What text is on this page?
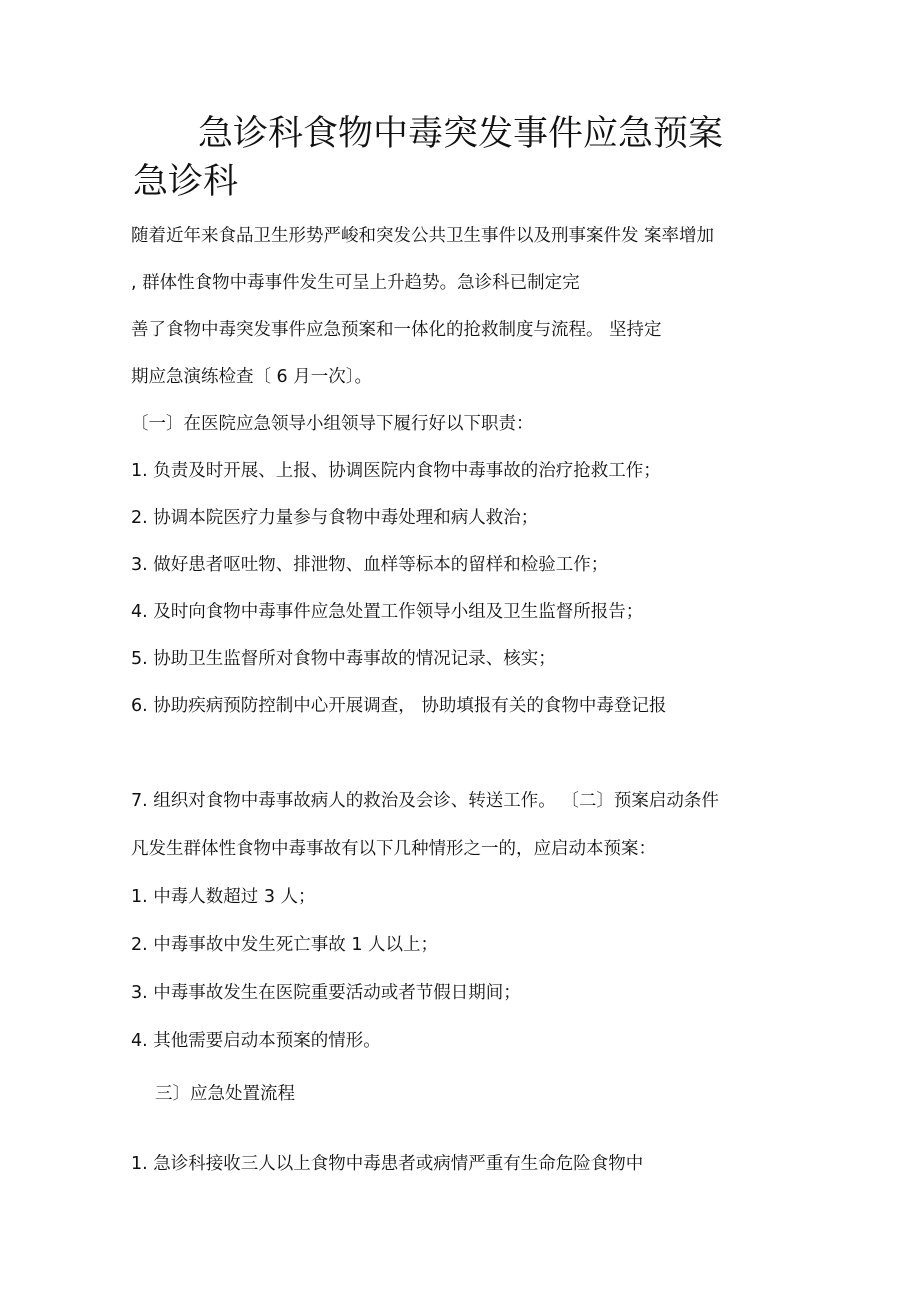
急诊科食物中毒突发事件应急预案
急诊科
随着近年来食品卫生形势严峻和突发公共卫生事件以及刑事案件发 案率增加
, 群体性食物中毒事件发生可呈上升趋势。急诊科已制定完
善了食物中毒突发事件应急预案和一体化的抢救制度与流程。 坚持定
期应急演练检查〔 6 月一次〕。
〔一〕在医院应急领导小组领导下履行好以下职责：
1. 负责及时开展、上报、协调医院内食物中毒事故的治疗抢救工作；
2. 协调本院医疗力量参与食物中毒处理和病人救治；
3. 做好患者呕吐物、排泄物、血样等标本的留样和检验工作；
4. 及时向食物中毒事件应急处置工作领导小组及卫生监督所报告；
5. 协助卫生监督所对食物中毒事故的情况记录、核实；
6. 协助疾病预防控制中心开展调查， 协助填报有关的食物中毒登记报
7. 组织对食物中毒事故病人的救治及会诊、转送工作。 〔二〕预案启动条件
凡发生群体性食物中毒事故有以下几种情形之一的，应启动本预案：
1. 中毒人数超过 3 人；
2. 中毒事故中发生死亡事故 1 人以上；
3. 中毒事故发生在医院重要活动或者节假日期间；
4. 其他需要启动本预案的情形。
三〕应急处置流程
1. 急诊科接收三人以上食物中毒患者或病情严重有生命危险食物中
